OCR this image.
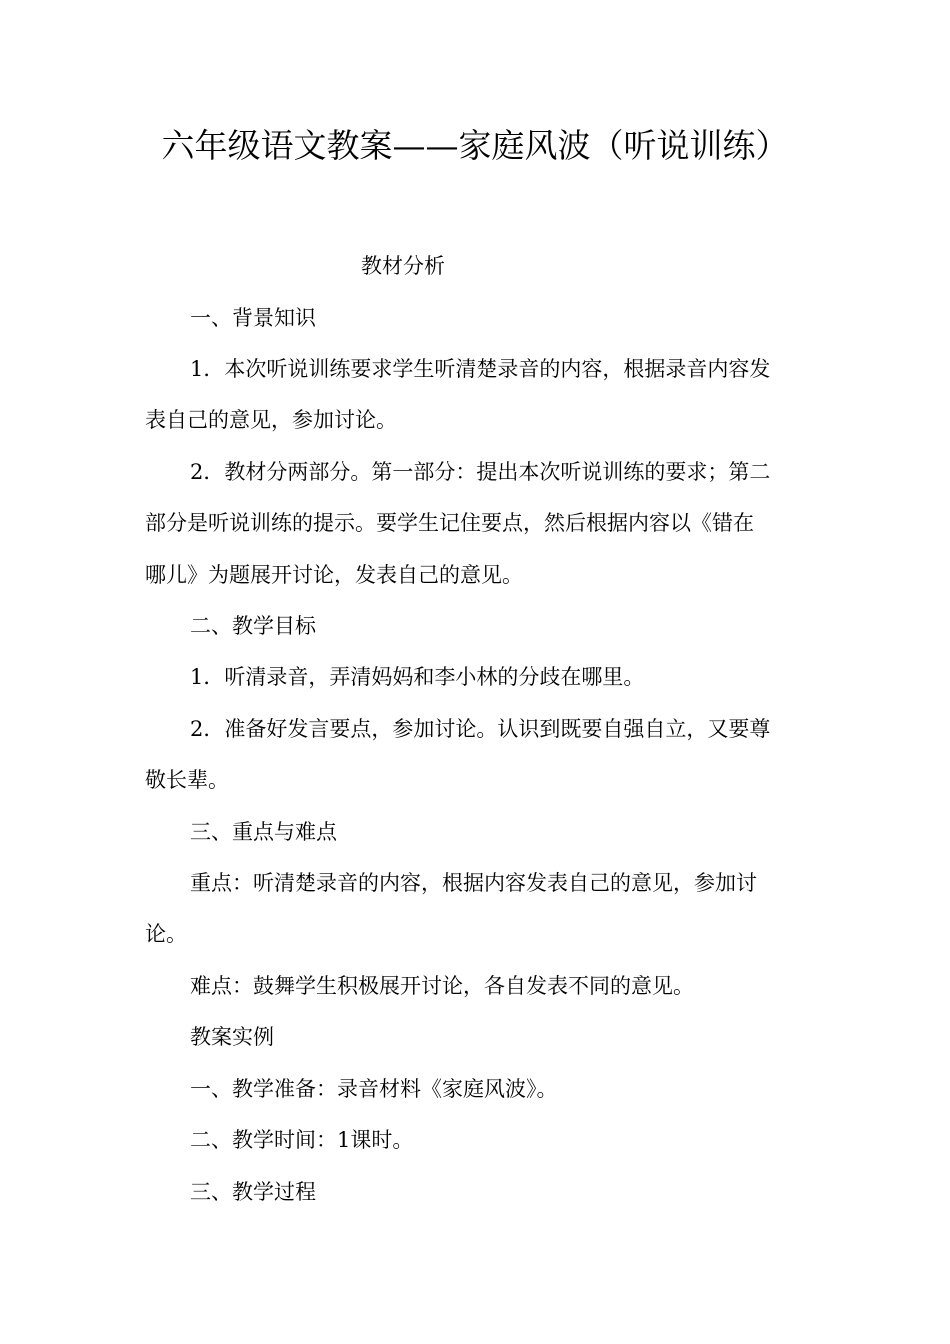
六年级语文教案——家庭风波（听说训练）
教材分析
一、背景知识
1．本次听说训练要求学生听清楚录音的内容，根据录音内容发
表自己的意见，参加讨论。
2．教材分两部分。第一部分：提出本次听说训练的要求；第二
部分是听说训练的提示。要学生记住要点，然后根据内容以《错在
哪儿》为题展开讨论，发表自己的意见。
二、教学目标
1．听清录音，弄清妈妈和李小林的分歧在哪里。
2．准备好发言要点，参加讨论。认识到既要自强自立，又要尊
敬长辈。
三、重点与难点
重点：听清楚录音的内容，根据内容发表自己的意见，参加讨
论。
难点：鼓舞学生积极展开讨论，各自发表不同的意见。
教案实例
一、教学准备：录音材料《家庭风波》。
二、教学时间：1课时。
三、教学过程
